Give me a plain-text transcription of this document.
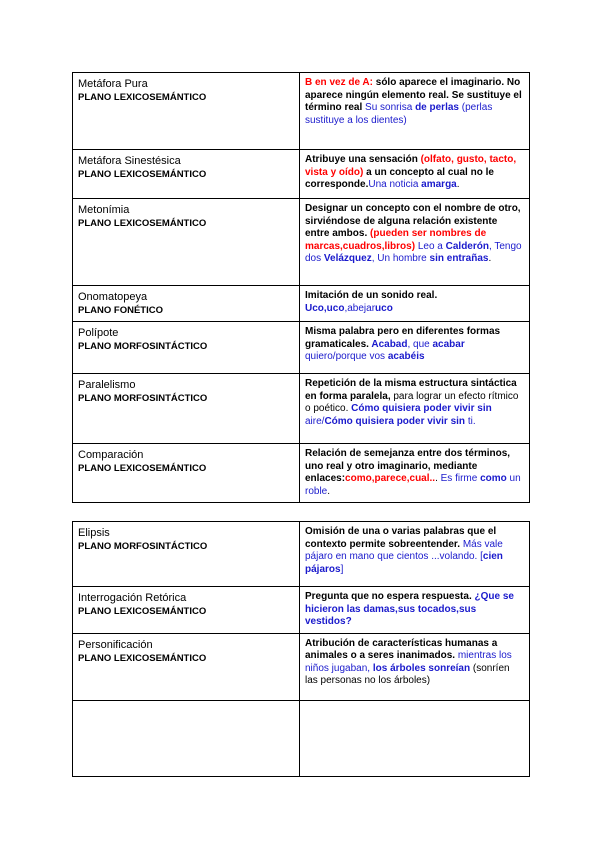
Metáfora Pura
PLANO LEXICOSEMÁNTICO	B en vez de A: sólo aparece el imaginario. No aparece ningún elemento real. Se sustituye el término real Su sonrisa de perlas (perlas sustituye a los dientes)

Metáfora Sinestésica
PLANO LEXICOSEMÁNTICO	Atribuye una sensación (olfato, gusto, tacto, vista y oído) a un concepto al cual no le corresponde.Una noticia amarga.

Metonímia
PLANO LEXICOSEMÁNTICO	Designar un concepto con el nombre de otro, sirviéndose de alguna relación existente entre ambos. (pueden ser nombres de marcas,cuadros,libros) Leo a Calderón, Tengo dos Velázquez, Un hombre sin entrañas.

Onomatopeya
PLANO FONÉTICO	Imitación de un sonido real.
Uco,uco,abejaruco

Polípote
PLANO MORFOSINTÁCTICO	Misma palabra pero en diferentes formas gramaticales. Acabad, que acabar quiero/porque vos acabéis

Paralelismo
PLANO MORFOSINTÁCTICO	Repetición de la misma estructura sintáctica en forma paralela, para lograr un efecto rítmico o poético. Cómo quisiera poder vivir sin aire/Cómo quisiera poder vivir sin ti.

Comparación
PLANO LEXICOSEMÁNTICO	Relación de semejanza entre dos términos, uno real y otro imaginario, mediante enlaces:como,parece,cual... Es firme como un roble.
Elipsis
PLANO MORFOSINTÁCTICO	Omisión de una o varias palabras que el contexto permite sobreentender. Más vale pájaro en mano que cientos ...volando. [cien pájaros]

Interrogación Retórica
PLANO LEXICOSEMÁNTICO	Pregunta que no espera respuesta. ¿Que se hicieron las damas,sus tocados,sus vestidos?

Personificación
PLANO LEXICOSEMÁNTICO	Atribución de características humanas a animales o a seres inanimados. mientras los niños jugaban, los árboles sonreían (sonríen las personas no los árboles)
